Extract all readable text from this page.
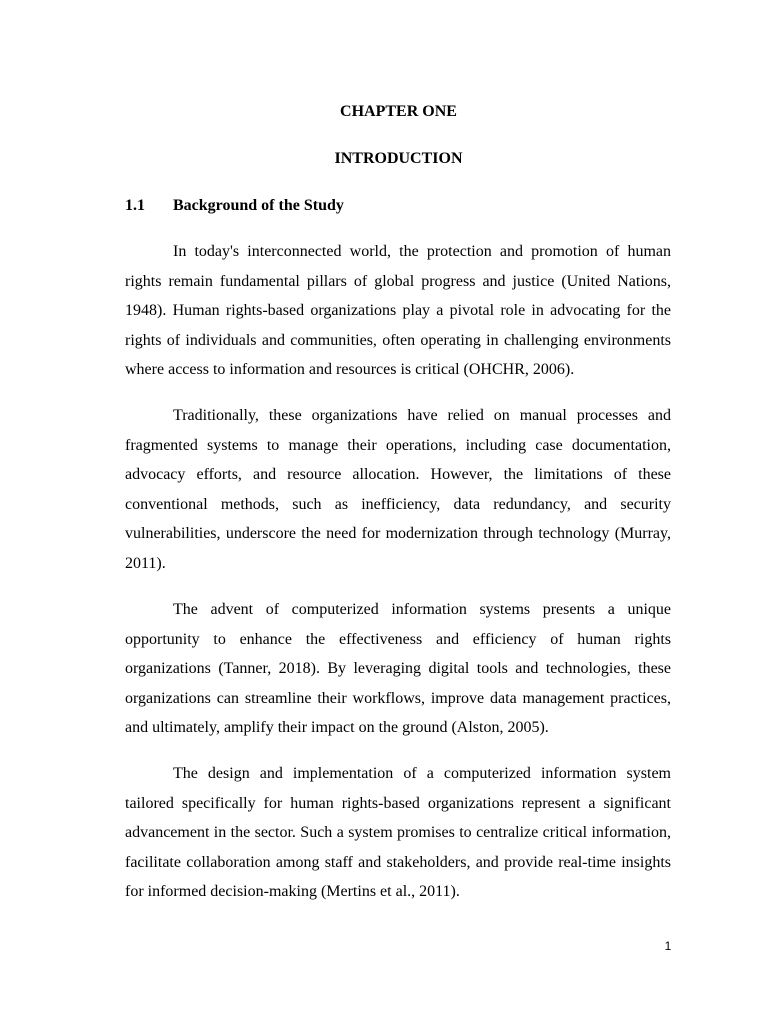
CHAPTER ONE
INTRODUCTION
1.1 Background of the Study

In today's interconnected world, the protection and promotion of human rights remain fundamental pillars of global progress and justice (United Nations, 1948). Human rights-based organizations play a pivotal role in advocating for the rights of individuals and communities, often operating in challenging environments where access to information and resources is critical (OHCHR, 2006).

Traditionally, these organizations have relied on manual processes and fragmented systems to manage their operations, including case documentation, advocacy efforts, and resource allocation. However, the limitations of these conventional methods, such as inefficiency, data redundancy, and security vulnerabilities, underscore the need for modernization through technology (Murray, 2011).

The advent of computerized information systems presents a unique opportunity to enhance the effectiveness and efficiency of human rights organizations (Tanner, 2018). By leveraging digital tools and technologies, these organizations can streamline their workflows, improve data management practices, and ultimately, amplify their impact on the ground (Alston, 2005).

The design and implementation of a computerized information system tailored specifically for human rights-based organizations represent a significant advancement in the sector. Such a system promises to centralize critical information, facilitate collaboration among staff and stakeholders, and provide real-time insights for informed decision-making (Mertins et al., 2011).

1
